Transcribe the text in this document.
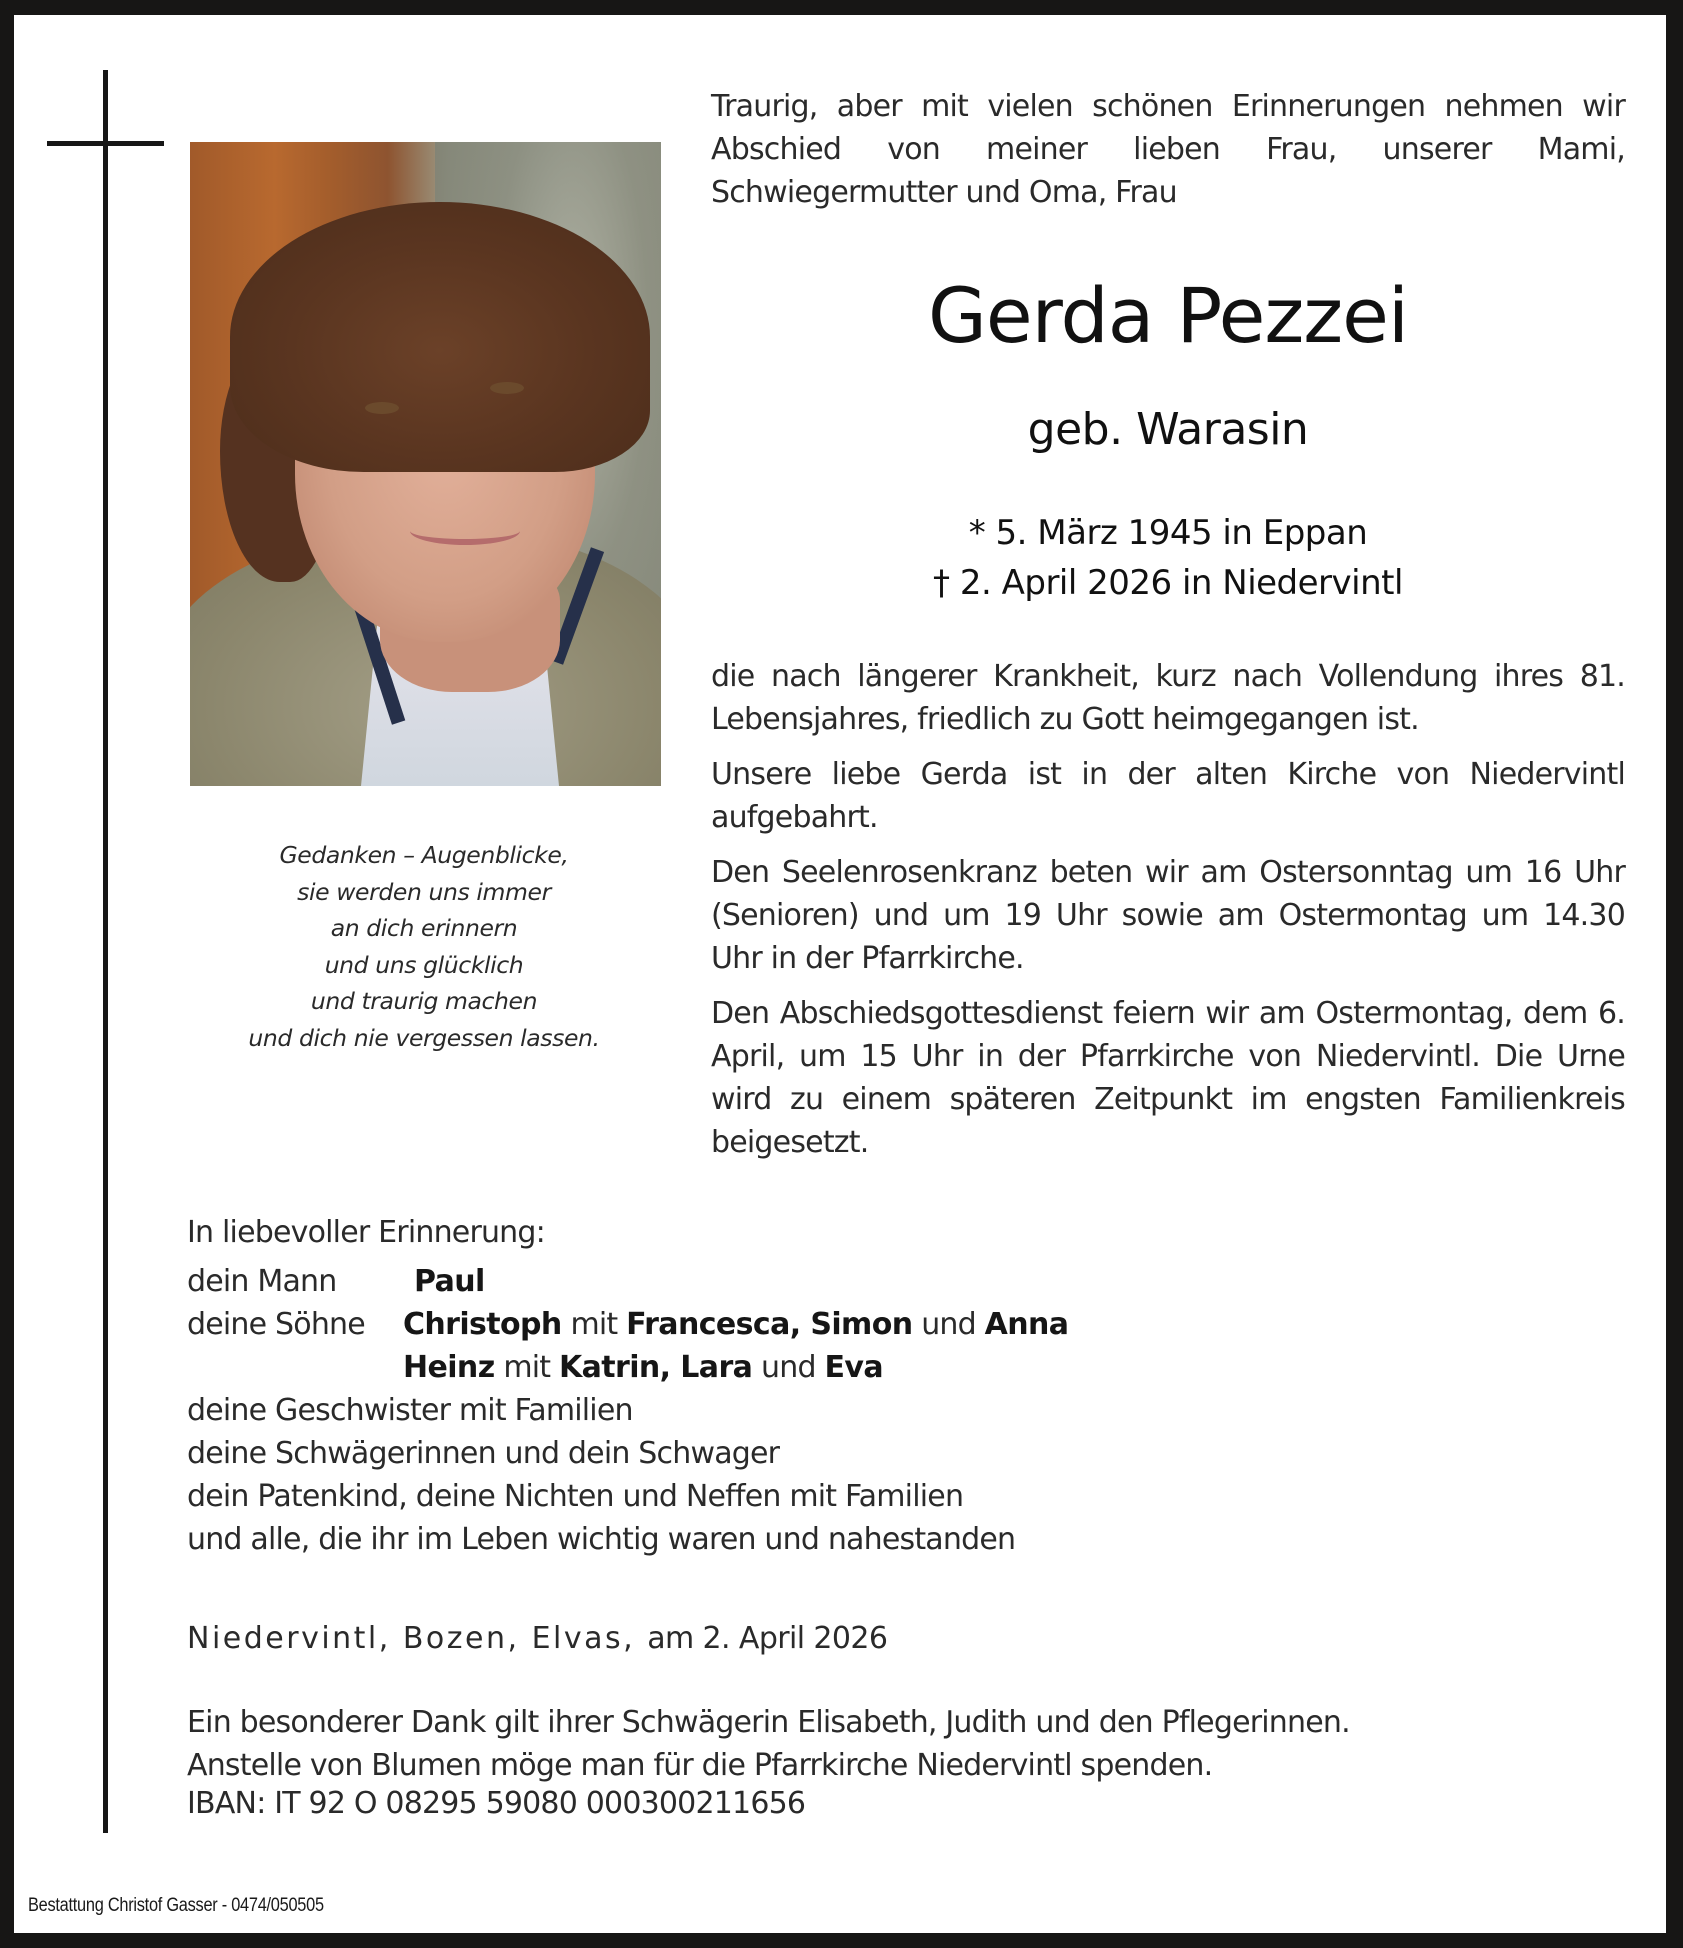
Gedanken – Augenblicke,
sie werden uns immer
an dich erinnern
und uns glücklich
und traurig machen
und dich nie vergessen lassen.
Traurig, aber mit vielen schönen Erinnerungen nehmen wir Abschied von meiner lieben Frau, unserer Mami, Schwiegermutter und Oma, Frau
Gerda Pezzei
geb. Warasin
* 5. März 1945 in Eppan
† 2. April 2026 in Niedervintl

die nach längerer Krankheit, kurz nach Vollendung ihres 81. Lebensjahres, friedlich zu Gott heimgegangen ist.

Unsere liebe Gerda ist in der alten Kirche von Niedervintl aufgebahrt.

Den Seelenrosenkranz beten wir am Ostersonntag um 16 Uhr (Senioren) und um 19 Uhr sowie am Ostermontag um 14.30 Uhr in der Pfarrkirche.

Den Abschiedsgottesdienst feiern wir am Ostermontag, dem 6. April, um 15 Uhr in der Pfarrkirche von Niedervintl. Die Urne wird zu einem späteren Zeitpunkt im engsten Familienkreis beigesetzt.

In liebevoller Erinnerung:
dein Mann	Paul
deine Söhne Christoph mit Francesca, Simon und Anna
Heinz mit Katrin, Lara und Eva
deine Geschwister mit Familien
deine Schwägerinnen und dein Schwager
dein Patenkind, deine Nichten und Neffen mit Familien
und alle, die ihr im Leben wichtig waren und nahestanden
Niedervintl, Bozen, Elvas, am 2. April 2026
Ein besonderer Dank gilt ihrer Schwägerin Elisabeth, Judith und den Pflegerinnen.
Anstelle von Blumen möge man für die Pfarrkirche Niedervintl spenden.
IBAN: IT 92 O 08295 59080 000300211656
Bestattung Christof Gasser - 0474/050505
